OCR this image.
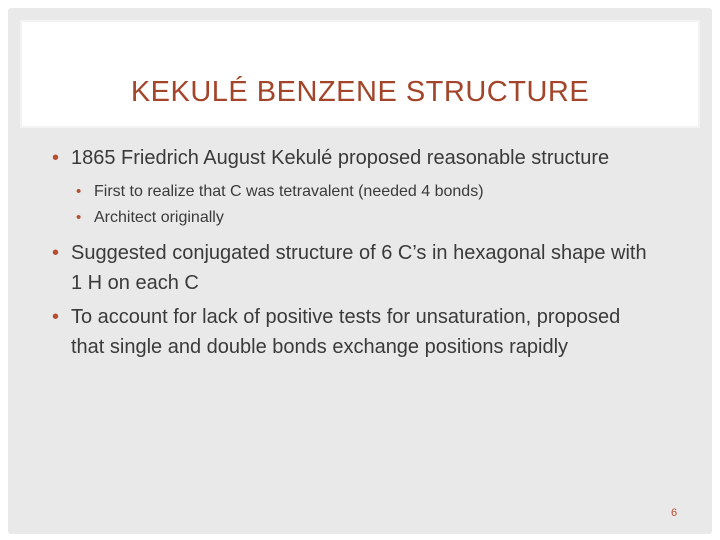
KEKULÉ BENZENE STRUCTURE

• 1865 Friedrich August Kekulé proposed reasonable structure

• First to realize that C was tetravalent (needed 4 bonds)

• Architect originally

• Suggested conjugated structure of 6 C’s in hexagonal shape with 1 H on each C

• To account for lack of positive tests for unsaturation, proposed that single and double bonds exchange positions rapidly

6
